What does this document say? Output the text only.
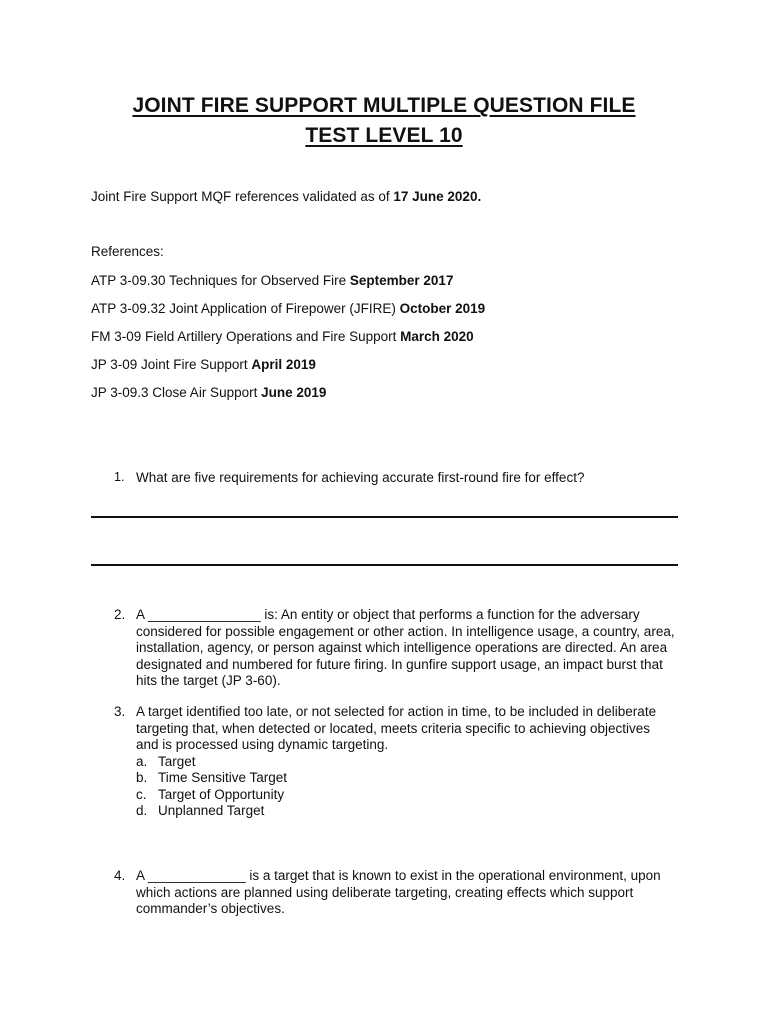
JOINT FIRE SUPPORT MULTIPLE QUESTION FILE
TEST LEVEL 10
Joint Fire Support MQF references validated as of 17 June 2020.
References:
ATP 3-09.30 Techniques for Observed Fire September 2017
ATP 3-09.32 Joint Application of Firepower (JFIRE) October 2019
FM 3-09 Field Artillery Operations and Fire Support March 2020
JP 3-09 Joint Fire Support April 2019
JP 3-09.3 Close Air Support June 2019
1. What are five requirements for achieving accurate first-round fire for effect?
2. A _______________ is: An entity or object that performs a function for the adversary considered for possible engagement or other action. In intelligence usage, a country, area, installation, agency, or person against which intelligence operations are directed. An area designated and numbered for future firing. In gunfire support usage, an impact burst that hits the target (JP 3-60).
3. A target identified too late, or not selected for action in time, to be included in deliberate targeting that, when detected or located, meets criteria specific to achieving objectives and is processed using dynamic targeting.
a. Target
b. Time Sensitive Target
c. Target of Opportunity
d. Unplanned Target
4. A _____________ is a target that is known to exist in the operational environment, upon which actions are planned using deliberate targeting, creating effects which support commander’s objectives.
